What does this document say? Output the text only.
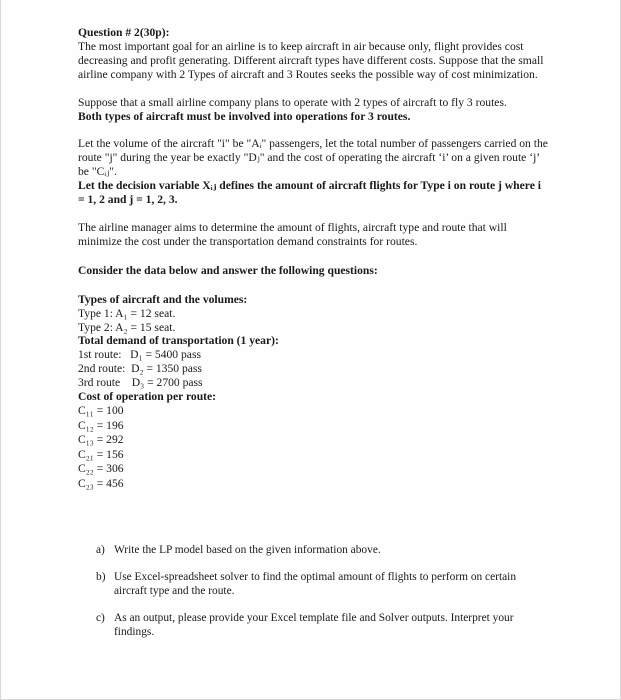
Question # 2(30p):

The most important goal for an airline is to keep aircraft in air because only, flight provides cost decreasing and profit generating. Different aircraft types have different costs. Suppose that the small airline company with 2 Types of aircraft and 3 Routes seeks the possible way of cost minimization.

Suppose that a small airline company plans to operate with 2 types of aircraft to fly 3 routes.

Both types of aircraft must be involved into operations for 3 routes.

Let the volume of the aircraft "i" be "Aᵢ" passengers, let the total number of passengers carried on the route "j" during the year be exactly "Dⱼ" and the cost of operating the aircraft ‘i’ on a given route ‘j’ be "Cᵢⱼ".

Let the decision variable Xᵢⱼ defines the amount of aircraft flights for Type i on route j where i = 1, 2 and j = 1, 2, 3.

The airline manager aims to determine the amount of flights, aircraft type and route that will minimize the cost under the transportation demand constraints for routes.

Consider the data below and answer the following questions:

Types of aircraft and the volumes:

Type 1: A₁ = 12 seat.

Type 2: A₂ = 15 seat.

Total demand of transportation (1 year):

1st route:   D₁ = 5400 pass

2nd route:  D₂ = 1350 pass

3rd route    D₃ = 2700 pass

Cost of operation per route:

C₁₁ = 100

C₁₂ = 196

C₁₃ = 292

C₂₁ = 156

C₂₂ = 306

C₂₃ = 456

a) Write the LP model based on the given information above.
b) Use Excel-spreadsheet solver to find the optimal amount of flights to perform on certain aircraft type and the route.
c) As an output, please provide your Excel template file and Solver outputs. Interpret your findings.
